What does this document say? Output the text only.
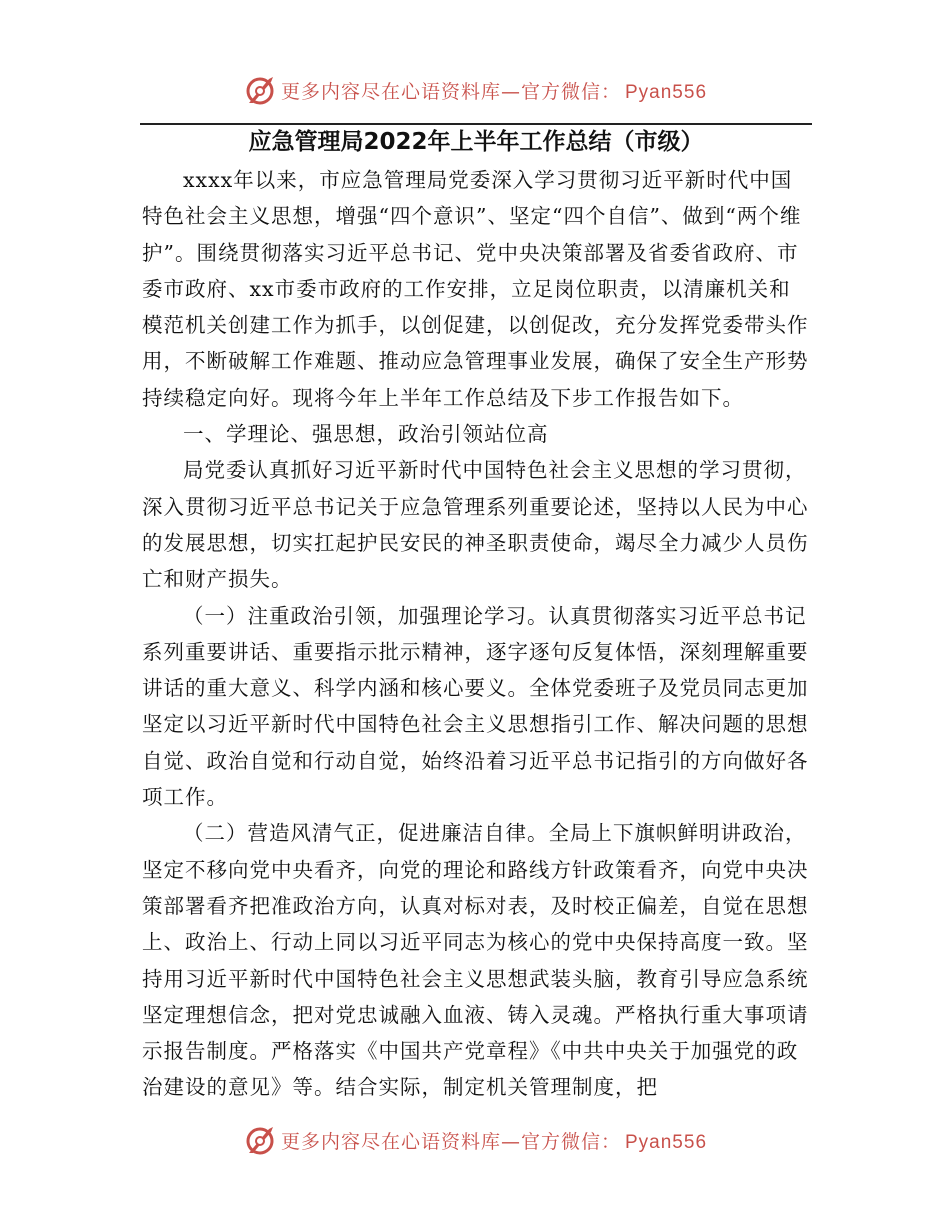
更多内容尽在心语资料库—官方微信： Pyan556
应急管理局2022年上半年工作总结（市级）

xxxx年以来，市应急管理局党委深入学习贯彻习近平新时代中国特色社会主义思想，增强“四个意识”、坚定“四个自信”、做到“两个维护”。围绕贯彻落实习近平总书记、党中央决策部署及省委省政府、市委市政府、xx市委市政府的工作安排，立足岗位职责，以清廉机关和模范机关创建工作为抓手，以创促建，以创促改，充分发挥党委带头作用，不断破解工作难题、推动应急管理事业发展，确保了安全生产形势持续稳定向好。现将今年上半年工作总结及下步工作报告如下。

一、学理论、强思想，政治引领站位高

局党委认真抓好习近平新时代中国特色社会主义思想的学习贯彻，深入贯彻习近平总书记关于应急管理系列重要论述，坚持以人民为中心的发展思想，切实扛起护民安民的神圣职责使命，竭尽全力减少人员伤亡和财产损失。

（一）注重政治引领，加强理论学习。认真贯彻落实习近平总书记系列重要讲话、重要指示批示精神，逐字逐句反复体悟，深刻理解重要讲话的重大意义、科学内涵和核心要义。全体党委班子及党员同志更加坚定以习近平新时代中国特色社会主义思想指引工作、解决问题的思想自觉、政治自觉和行动自觉，始终沿着习近平总书记指引的方向做好各项工作。

（二）营造风清气正，促进廉洁自律。全局上下旗帜鲜明讲政治，坚定不移向党中央看齐，向党的理论和路线方针政策看齐，向党中央决策部署看齐把准政治方向，认真对标对表，及时校正偏差，自觉在思想上、政治上、行动上同以习近平同志为核心的党中央保持高度一致。坚持用习近平新时代中国特色社会主义思想武装头脑，教育引导应急系统坚定理想信念，把对党忠诚融入血液、铸入灵魂。严格执行重大事项请示报告制度。严格落实《中国共产党章程》《中共中央关于加强党的政治建设的意见》等。结合实际，制定机关管理制度，把

更多内容尽在心语资料库—官方微信： Pyan556
